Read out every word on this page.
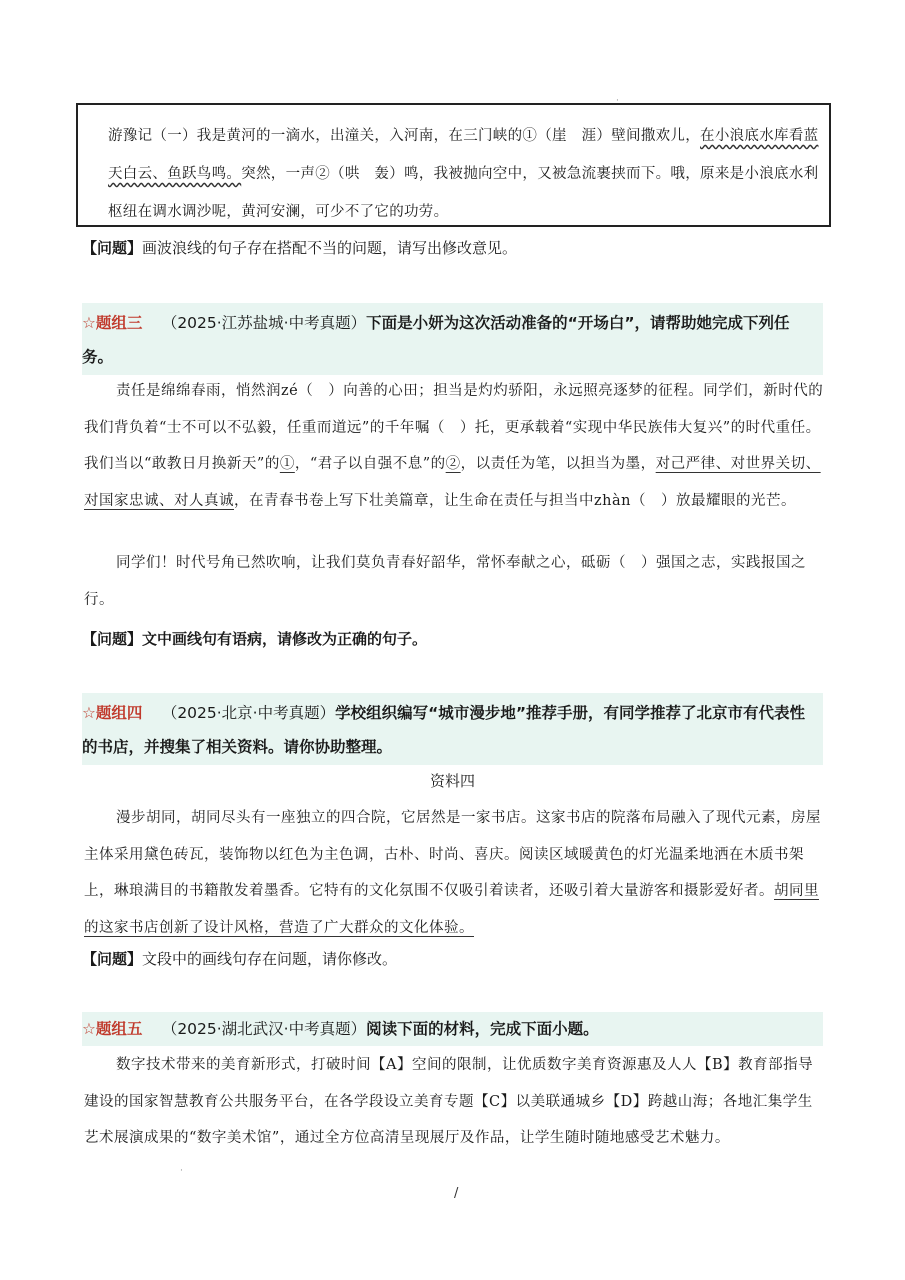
·
游豫记（一）我是黄河的一滴水，出潼关，入河南，在三门峡的①（崖　涯）壁间撒欢儿，在小浪底水库看蓝天白云、鱼跃鸟鸣。突然，一声②（哄　轰）鸣，我被抛向空中，又被急流裹挟而下。哦，原来是小浪底水利枢纽在调水调沙呢，黄河安澜，可少不了它的功劳。
【问题】画波浪线的句子存在搭配不当的问题，请写出修改意见。
☆题组三 （2025·江苏盐城·中考真题）下面是小妍为这次活动准备的“开场白”，请帮助她完成下列任务。
责任是绵绵春雨，悄然润zé（　）向善的心田；担当是灼灼骄阳，永远照亮逐梦的征程。同学们，新时代的我们背负着“士不可以不弘毅，任重而道远”的千年嘱（　）托，更承载着“实现中华民族伟大复兴”的时代重任。我们当以“敢教日月换新天”的①，“君子以自强不息”的②，以责任为笔，以担当为墨，对己严律、对世界关切、对国家忠诚、对人真诚，在青春书卷上写下壮美篇章，让生命在责任与担当中zhàn（　）放最耀眼的光芒。
同学们！时代号角已然吹响，让我们莫负青春好韶华，常怀奉献之心，砥砺（　）强国之志，实践报国之行。
【问题】文中画线句有语病，请修改为正确的句子。
☆题组四 （2025·北京·中考真题）学校组织编写“城市漫步地”推荐手册，有同学推荐了北京市有代表性的书店，并搜集了相关资料。请你协助整理。
资料四
漫步胡同，胡同尽头有一座独立的四合院，它居然是一家书店。这家书店的院落布局融入了现代元素，房屋主体采用黛色砖瓦，装饰物以红色为主色调，古朴、时尚、喜庆。阅读区域暖黄色的灯光温柔地洒在木质书架上，琳琅满目的书籍散发着墨香。它特有的文化氛围不仅吸引着读者，还吸引着大量游客和摄影爱好者。胡同里的这家书店创新了设计风格，营造了广大群众的文化体验。
【问题】文段中的画线句存在问题，请你修改。
☆题组五 （2025·湖北武汉·中考真题）阅读下面的材料，完成下面小题。
数字技术带来的美育新形式，打破时间【A】空间的限制，让优质数字美育资源惠及人人【B】教育部指导建设的国家智慧教育公共服务平台，在各学段设立美育专题【C】以美联通城乡【D】跨越山海；各地汇集学生艺术展演成果的“数字美术馆”，通过全方位高清呈现展厅及作品，让学生随时随地感受艺术魅力。
·
/
